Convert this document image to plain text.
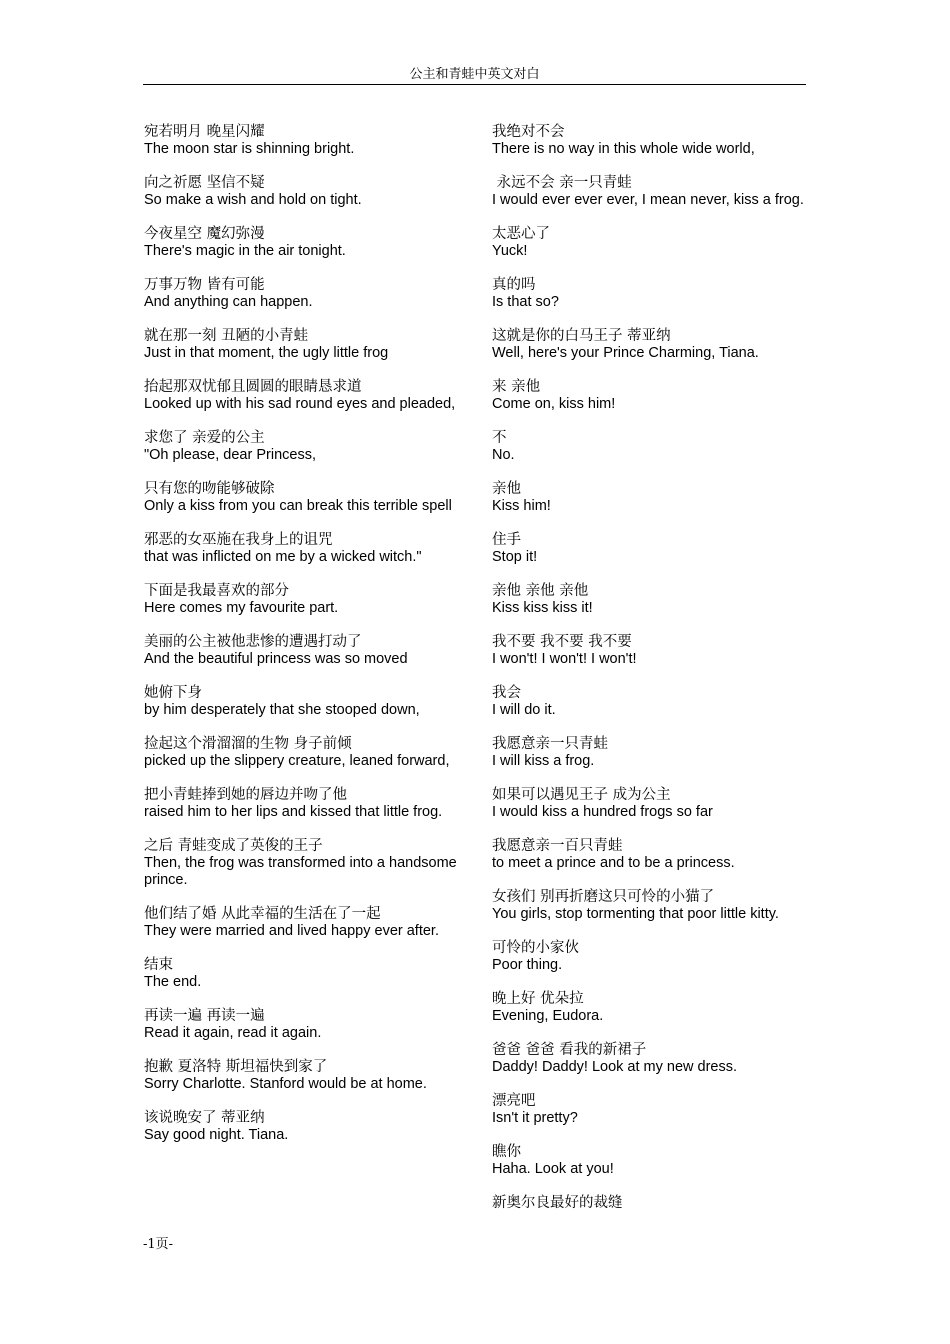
公主和青蛙中英文对白
宛若明月 晚星闪耀
The moon star is shinning bright.
向之祈愿 坚信不疑
So make a wish and hold on tight.
今夜星空 魔幻弥漫
There's magic in the air tonight.
万事万物 皆有可能
And anything can happen.
就在那一刻 丑陋的小青蛙
Just in that moment, the ugly little frog
抬起那双忧郁且圆圆的眼睛恳求道
Looked up with his sad round eyes and pleaded,
求您了 亲爱的公主
"Oh please, dear Princess,
只有您的吻能够破除
Only a kiss from you can break this terrible spell
邪恶的女巫施在我身上的诅咒
that was inflicted on me by a wicked witch."
下面是我最喜欢的部分
Here comes my favourite part.
美丽的公主被他悲惨的遭遇打动了
And the beautiful princess was so moved
她俯下身
by him desperately that she stooped down,
捡起这个滑溜溜的生物 身子前倾
picked up the slippery creature, leaned forward,
把小青蛙捧到她的唇边并吻了他
raised him to her lips and kissed that little frog.
之后 青蛙变成了英俊的王子
Then, the frog was transformed into a handsome prince.
他们结了婚 从此幸福的生活在了一起
They were married and lived happy ever after.
结束
The end.
再读一遍 再读一遍
Read it again, read it again.
抱歉 夏洛特 斯坦福快到家了
Sorry Charlotte. Stanford would be at home.
该说晚安了 蒂亚纳
Say good night. Tiana.
我绝对不会
There is no way in this whole wide world,
永远不会 亲一只青蛙
I would ever ever ever, I mean never, kiss a frog.
太恶心了
Yuck!
真的吗
Is that so?
这就是你的白马王子 蒂亚纳
Well, here's your Prince Charming, Tiana.
来 亲他
Come on, kiss him!
不
No.
亲他
Kiss him!
住手
Stop it!
亲他 亲他 亲他
Kiss kiss kiss it!
我不要 我不要 我不要
I won't! I won't! I won't!
我会
I will do it.
我愿意亲一只青蛙
I will kiss a frog.
如果可以遇见王子 成为公主
I would kiss a hundred frogs so far
我愿意亲一百只青蛙
to meet a prince and to be a princess.
女孩们 别再折磨这只可怜的小猫了
You girls, stop tormenting that poor little kitty.
可怜的小家伙
Poor thing.
晚上好 优朵拉
Evening, Eudora.
爸爸 爸爸 看我的新裙子
Daddy! Daddy! Look at my new dress.
漂亮吧
Isn't it pretty?
瞧你
Haha. Look at you!
新奥尔良最好的裁缝
-1页-
